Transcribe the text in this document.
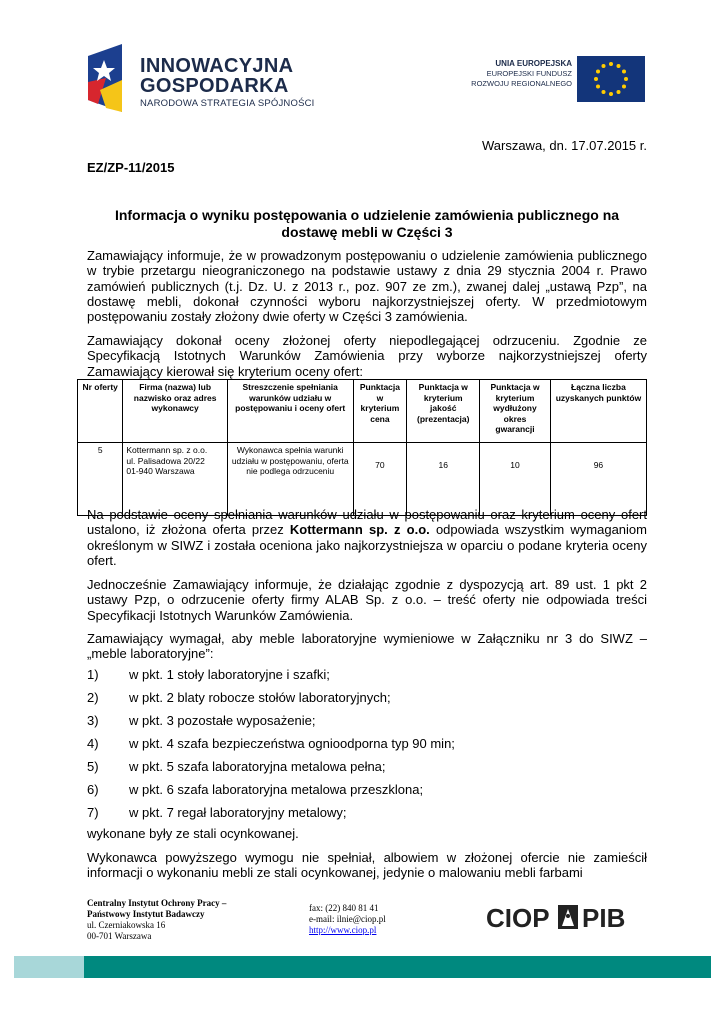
INNOWACYJNA
GOSPODARKA
NARODOWA STRATEGIA SPÓJNOŚCI
UNIA EUROPEJSKA
EUROPEJSKI FUNDUSZ
ROZWOJU REGIONALNEGO
Warszawa, dn. 17.07.2015 r.
EZ/ZP-11/2015
Informacja o wyniku postępowania o udzielenie zamówienia publicznego na
dostawę mebli w Części 3
Zamawiający informuje, że w prowadzonym postępowaniu o udzielenie zamówienia publicznego w trybie przetargu nieograniczonego na podstawie ustawy z dnia 29 stycznia 2004 r. Prawo zamówień publicznych (t.j. Dz. U. z 2013 r., poz. 907 ze zm.), zwanej dalej „ustawą Pzp”, na dostawę mebli, dokonał czynności wyboru najkorzystniejszej oferty. W przedmiotowym postępowaniu zostały złożony dwie oferty w Części 3 zamówienia.
Zamawiający dokonał oceny złożonej oferty niepodlegającej odrzuceniu. Zgodnie ze Specyfikacją Istotnych Warunków Zamówienia przy wyborze najkorzystniejszej oferty Zamawiający kierował się kryterium oceny ofert:
Nr oferty	Firma (nazwa) lub nazwisko oraz adres wykonawcy	Streszczenie spełniania warunków udziału w postępowaniu i oceny ofert	Punktacja w kryterium cena	Punktacja w kryterium jakość (prezentacja)	Punktacja w kryterium wydłużony okres gwarancji	Łączna liczba uzyskanych punktów
5	Kottermann sp. z o.o.
ul. Palisadowa 20/22
01-940 Warszawa	Wykonawca spełnia warunki udziału w postępowaniu, oferta nie podlega odrzuceniu	70	16	10	96
Na podstawie oceny spełniania warunków udziału w postępowaniu oraz kryterium oceny ofert ustalono, iż złożona oferta przez Kottermann sp. z o.o. odpowiada wszystkim wymaganiom określonym w SIWZ i została oceniona jako najkorzystniejsza w oparciu o podane kryteria oceny ofert.
Jednocześnie Zamawiający informuje, że działając zgodnie z dyspozycją art. 89 ust. 1 pkt 2 ustawy Pzp, o odrzucenie oferty firmy ALAB Sp. z o.o. – treść oferty nie odpowiada treści Specyfikacji Istotnych Warunków Zamówienia.
Zamawiający wymagał, aby meble laboratoryjne wymieniowe w Załączniku nr 3 do SIWZ – „meble laboratoryjne”:
1) w pkt. 1 stoły laboratoryjne i szafki;
2) w pkt. 2 blaty robocze stołów laboratoryjnych;
3) w pkt. 3 pozostałe wyposażenie;
4) w pkt. 4 szafa bezpieczeństwa ognioodporna typ 90 min;
5) w pkt. 5 szafa laboratoryjna metalowa pełna;
6) w pkt. 6 szafa laboratoryjna metalowa przeszklona;
7) w pkt. 7 regał laboratoryjny metalowy;
wykonane były ze stali ocynkowanej.
Wykonawca powyższego wymogu nie spełniał, albowiem w złożonej ofercie nie zamieścił informacji o wykonaniu mebli ze stali ocynkowanej, jedynie o malowaniu mebli farbami
Centralny Instytut Ochrony Pracy –
Państwowy Instytut Badawczy
ul. Czerniakowska 16
00-701 Warszawa
fax: (22) 840 81 41
e-mail: ilnie@ciop.pl
http://www.ciop.pl	CIOP PIB
